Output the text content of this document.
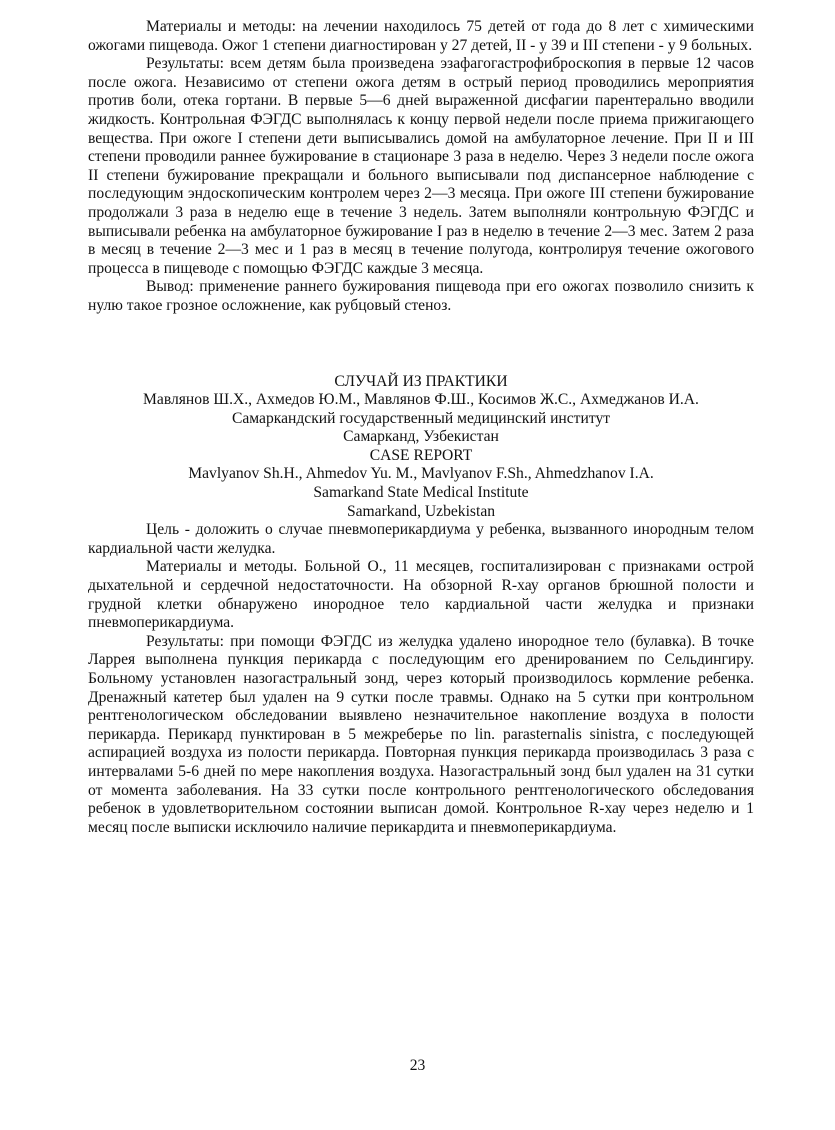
Материалы и методы: на лечении находилось 75 детей от года до 8 лет с химическими ожогами пищевода. Ожог 1 степени диагностирован у 27 детей, II - у 39 и III степени - у 9 больных.

Результаты: всем детям была произведена эзафагогастрофиброскопия в первые 12 часов после ожога. Независимо от степени ожога детям в острый период проводились мероприятия против боли, отека гортани. В первые 5—6 дней выраженной дисфагии парентерально вводили жидкость. Контрольная ФЭГДС выполнялась к концу первой недели после приема прижигающего вещества. При ожоге I степени дети выписывались домой на амбулаторное лечение. При II и III степени проводили раннее бужирование в стационаре 3 раза в неделю. Через 3 недели после ожога II степени бужирование прекращали и больного выписывали под диспансерное наблюдение с последующим эндоскопическим контролем через 2—3 месяца. При ожоге III степени бужирование продолжали 3 раза в неделю еще в течение 3 недель. Затем выполняли контрольную ФЭГДС и выписывали ребенка на амбулаторное бужирование I раз в неделю в течение 2—3 мес. Затем 2 раза в месяц в течение 2—3 мес и 1 раз в месяц в течение полугода, контролируя течение ожогового процесса в пищеводе с помощью ФЭГДС каждые 3 месяца.

Вывод: применение раннего бужирования пищевода при его ожогах позволило снизить к нулю такое грозное осложнение, как рубцовый стеноз.

СЛУЧАЙ ИЗ ПРАКТИКИ

Мавлянов Ш.Х., Ахмедов Ю.М., Мавлянов Ф.Ш., Косимов Ж.С., Ахмеджанов И.А.

Самаркандский государственный медицинский институт

Самарканд, Узбекистан

CASE REPORT

Mavlyanov Sh.H., Ahmedov Yu. M., Mavlyanov F.Sh., Ahmedzhanov I.A.

Samarkand State Medical Institute

Samarkand, Uzbekistan

Цель - доложить о случае пневмоперикардиума у ребенка, вызванного инородным телом кардиальной части желудка.

Материалы и методы. Больной О., 11 месяцев, госпитализирован с признаками острой дыхательной и сердечной недостаточности. На обзорной R-хау органов брюшной полости и грудной клетки обнаружено инородное тело кардиальной части желудка и признаки пневмоперикардиума.

Результаты: при помощи ФЭГДС из желудка удалено инородное тело (булавка). В точке Ларрея выполнена пункция перикарда с последующим его дренированием по Сельдингиру. Больному установлен назогастральный зонд, через который производилось кормление ребенка. Дренажный катетер был удален на 9 сутки после травмы. Однако на 5 сутки при контрольном рентгенологическом обследовании выявлено незначительное накопление воздуха в полости перикарда. Перикард пунктирован в 5 межреберье по lin. parasternalis sinistra, с последующей аспирацией воздуха из полости перикарда. Повторная пункция перикарда производилась 3 раза с интервалами 5-6 дней по мере накопления воздуха. Назогастральный зонд был удален на 31 сутки от момента заболевания. На 33 сутки после контрольного рентгенологического обследования ребенок в удовлетворительном состоянии выписан домой. Контрольное R-хау через неделю и 1 месяц после выписки исключило наличие перикардита и пневмоперикардиума.

23
